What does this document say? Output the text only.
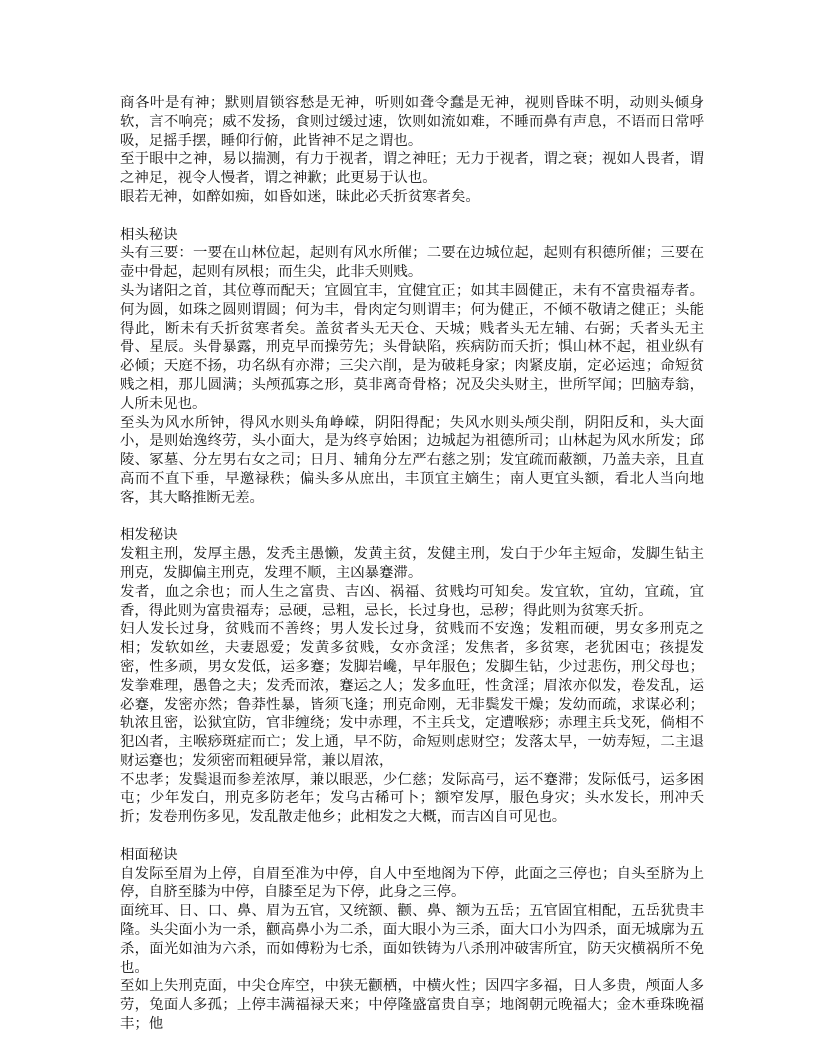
商各叶是有神；默则眉锁容愁是无神，听则如聋令蠢是无神，视则昏昧不明，动则头倾身软，言不响亮；威不发扬，食则过缓过速，饮则如流如难，不睡而鼻有声息，不语而日常呼吸，足摇手摆，睡仰行俯，此皆神不足之谓也。

至于眼中之神，易以揣测，有力于视者，谓之神旺；无力于视者，谓之衰；视如人畏者，谓之神足，视令人慢者，谓之神歉；此更易于认也。

眼若无神，如醉如痴，如昏如迷，昧此必夭折贫寒者矣。

相头秘诀

头有三要：一要在山林位起，起则有风水所催；二要在边城位起，起则有积德所催；三要在壶中骨起，起则有夙根；而生尖，此非夭则贱。

头为诸阳之首，其位尊而配天；宜圆宜丰，宜健宜正；如其丰圆健正，未有不富贵福寿者。何为圆，如珠之圆则谓圆；何为丰，骨肉定匀则谓丰；何为健正，不倾不敬请之健正；头能得此，断未有夭折贫寒者矣。盖贫者头无天仓、天城；贱者头无左辅、右弼；夭者头无主骨、星辰。头骨暴露，刑克早而操劳先；头骨缺陷，疾病防而夭折；惧山林不起，祖业纵有必倾；天庭不扬，功名纵有亦滞；三尖六削，是为破耗身家；肉紧皮崩，定必运迍；命短贫贱之相，那儿圆满；头颅孤寡之形，莫非离奇骨格；况及尖头财主，世所罕闻；凹脑寿翁，人所未见也。

至头为风水所钟，得风水则头角峥嵘，阴阳得配；失风水则头颅尖削，阴阳反和，头大面小，是则始逸终劳，头小面大，是为终亨始困；边城起为祖德所司；山林起为风水所发；邱陵、冢墓、分左男右女之司；日月、辅角分左严右慈之别；发宜疏而蔽额，乃盖夫亲，且直高而不直下垂，早邀禄秩；偏头多从庶出，丰顶宜主嫡生；南人更宜头额，看北人当向地客，其大略推断无差。

相发秘诀

发粗主刑，发厚主愚，发秃主愚懒，发黄主贫，发健主刑，发白于少年主短命，发脚生钻主刑克，发脚偏主刑克，发理不顺，主凶暴蹇滞。

发者，血之余也；而人生之富贵、吉凶、祸福、贫贱均可知矣。发宜软，宜幼，宜疏，宜香，得此则为富贵福寿；忌硬，忌粗，忌长，长过身也，忌秽；得此则为贫寒夭折。

妇人发长过身，贫贱而不善终；男人发长过身，贫贱而不安逸；发粗而硬，男女多刑克之相；发软如丝，夫妻恩爱；发黄多贫贱，女亦贪淫；发焦者，多贫寒，老犹困屯；孩提发密，性多顽，男女发低，运多蹇；发脚岩巉，早年服色；发脚生钻，少过悲伤，刑父母也；发拳难理，愚鲁之夫；发秃而浓，蹇运之人；发多血旺，性贪淫；眉浓亦似发，卷发乱，运必蹇，发密亦然；鲁莽性暴，皆须飞逢；刑克命刚，无非鬓发干燥；发幼而疏，求谋必利；轨浓且密，讼狱宜防，官非缠绕；发中赤理，不主兵戈，定遭喉痧；赤理主兵戈死，倘相不犯凶者，主喉痧斑症而亡；发上通，早不防，命短则虑财空；发落太早，一妨寿短，二主退财运蹇也；发须密而粗硬异常，兼以眉浓，

不忠孝；发鬓退而参差浓厚，兼以眼恶，少仁慈；发际高弓，运不蹇滞；发际低弓，运多困屯；少年发白，刑克多防老年；发乌古稀可卜；额窄发厚，服色身灾；头水发长，刑冲夭折；发卷刑伤多见，发乱散走他乡；此相发之大概，而吉凶自可见也。

相面秘诀

自发际至眉为上停，自眉至准为中停，自人中至地阁为下停，此面之三停也；自头至脐为上停，自脐至膝为中停，自膝至足为下停，此身之三停。

面统耳、日、口、鼻、眉为五官，又统额、颧、鼻、额为五岳；五官固宜相配，五岳犹贵丰隆。头尖面小为一杀，颧高鼻小为二杀，面大眼小为三杀，面大口小为四杀，面无城廓为五杀，面光如油为六杀，而如傅粉为七杀，面如铁铸为八杀刑冲破害所宜，防天灾横祸所不免也。

至如上失刑克面，中尖仓库空，中狭无颧栖，中横火性；因四字多福，日人多贵，颅面人多劳，兔面人多孤；上停丰满福禄天来；中停隆盛富贵自享；地阁朝元晚福大；金木垂珠晚福丰；他
